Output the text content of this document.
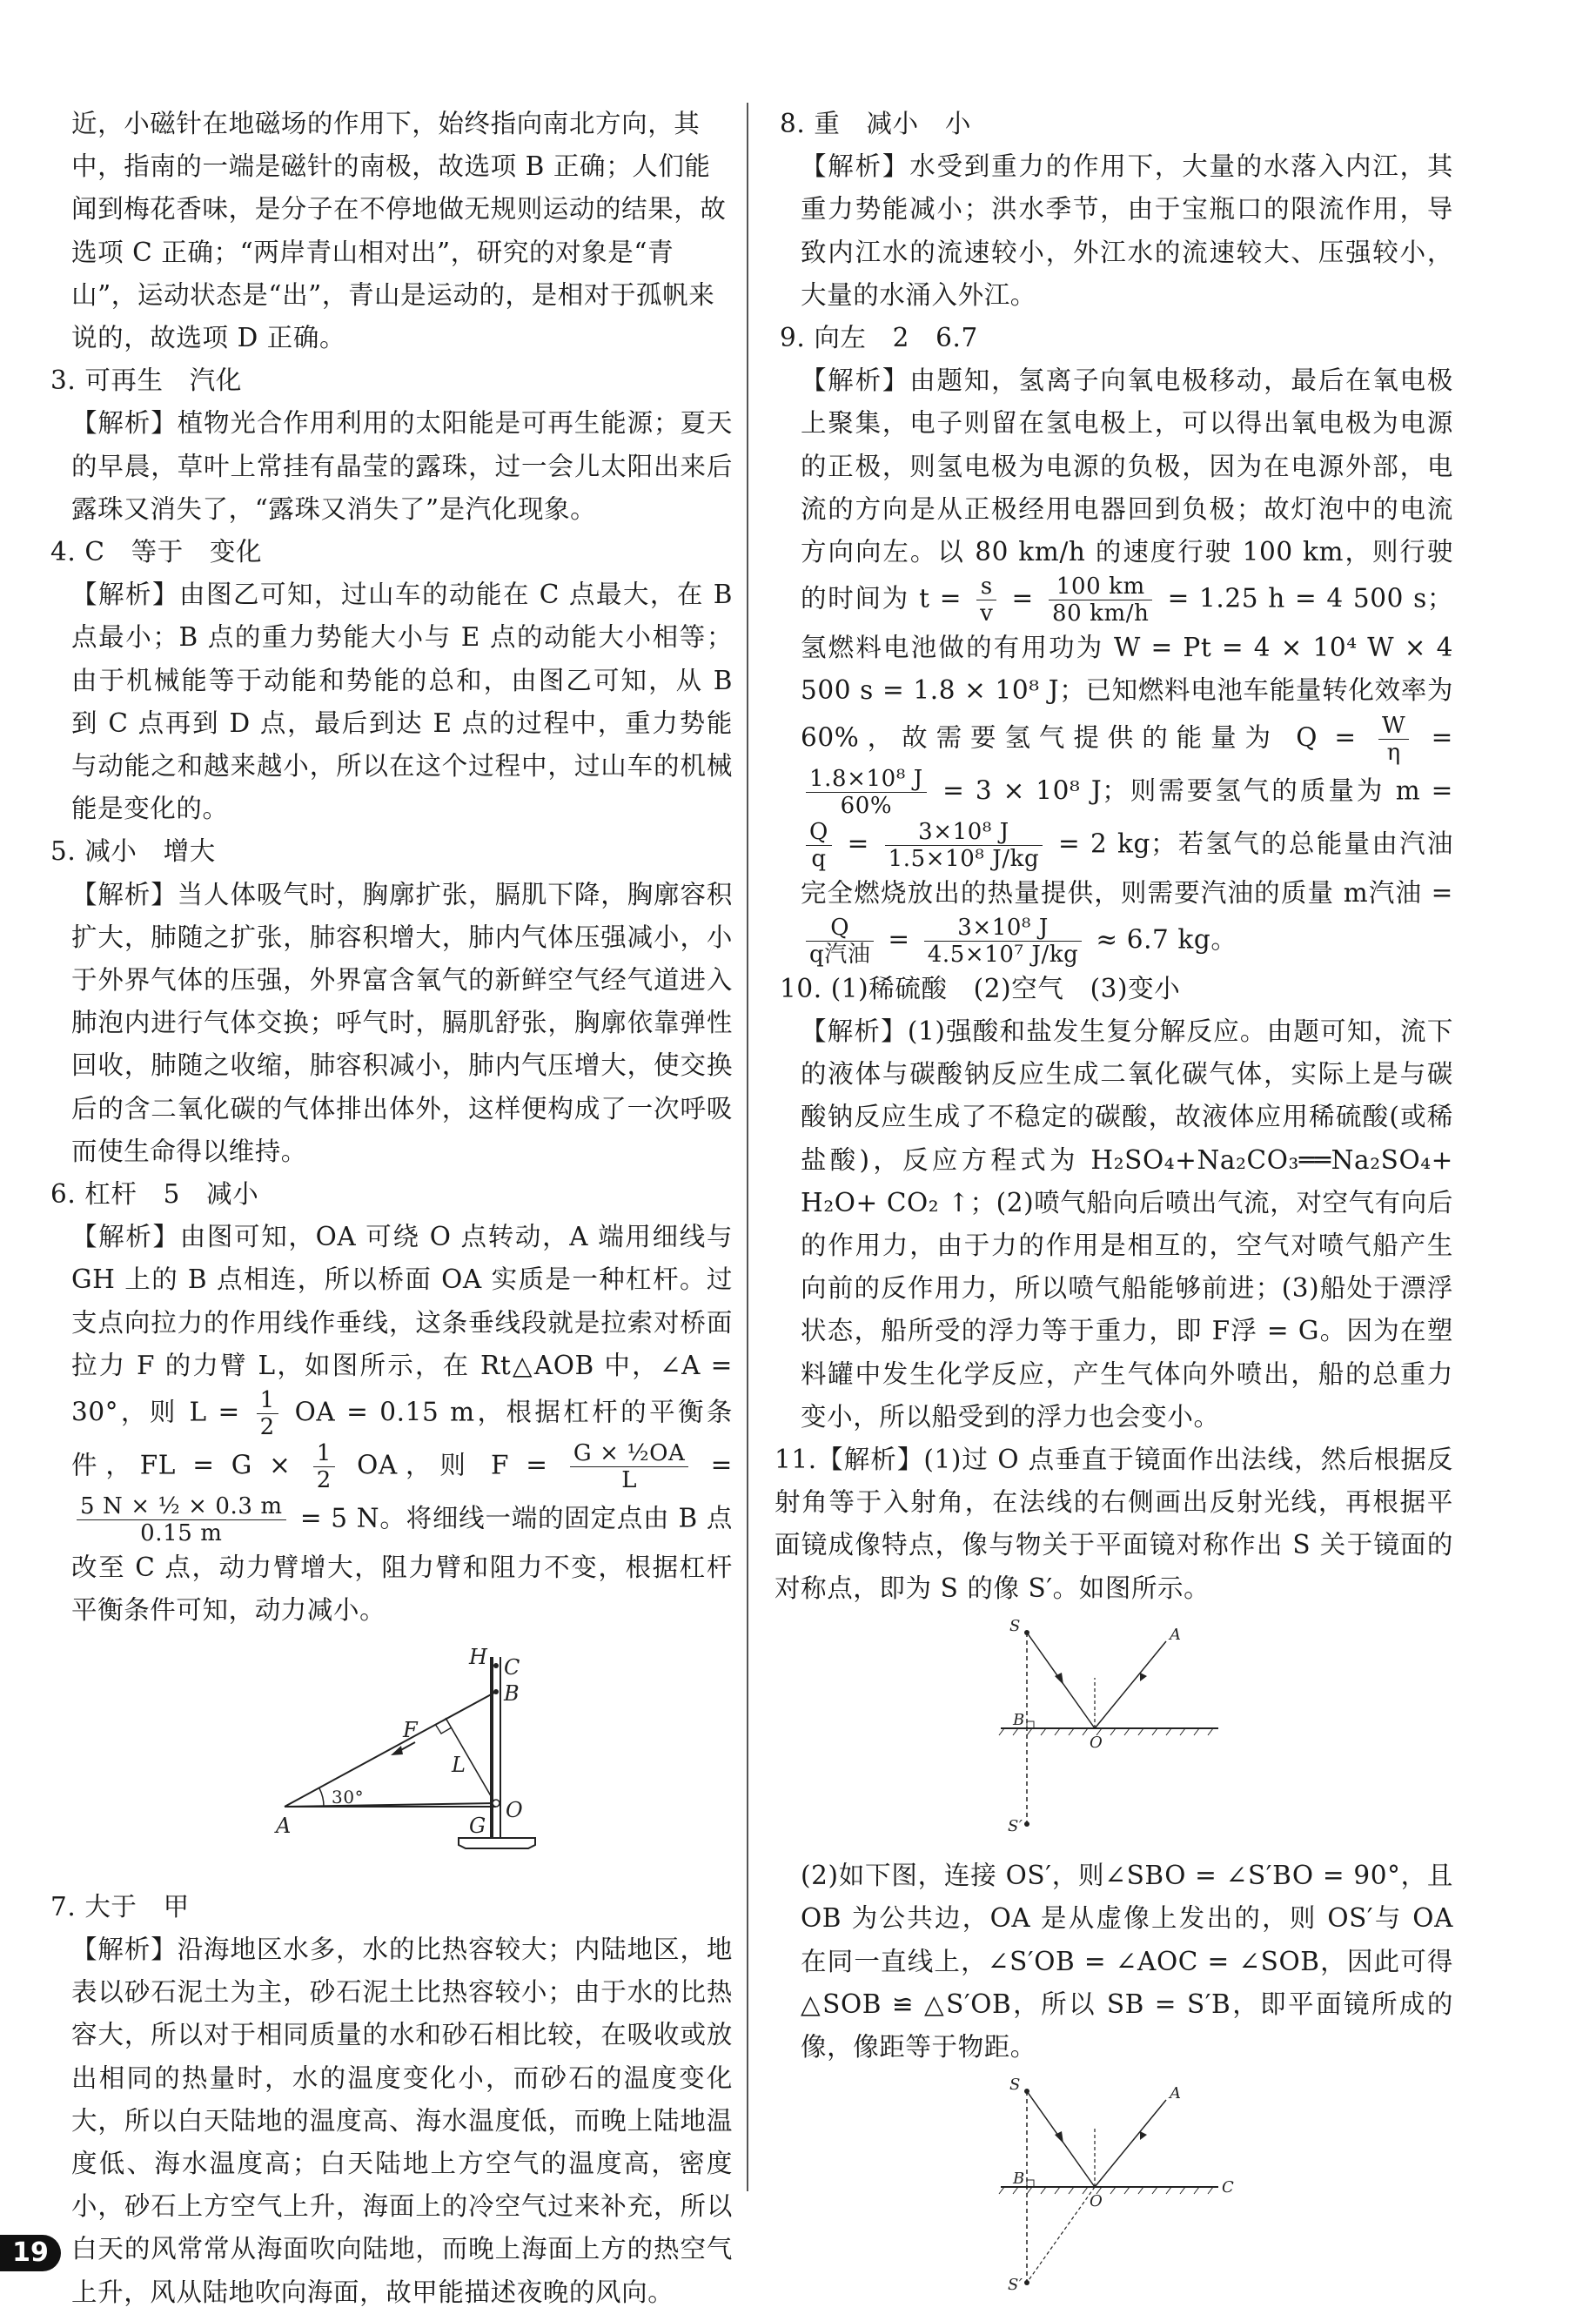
近，小磁针在地磁场的作用下，始终指向南北方向，其中，指南的一端是磁针的南极，故选项 B 正确；人们能闻到梅花香味，是分子在不停地做无规则运动的结果，故选项 C 正确；“两岸青山相对出”，研究的对象是“青山”，运动状态是“出”，青山是运动的，是相对于孤帆来说的，故选项 D 正确。

3. 可再生　汽化

【解析】植物光合作用利用的太阳能是可再生能源；夏天的早晨，草叶上常挂有晶莹的露珠，过一会儿太阳出来后露珠又消失了，“露珠又消失了”是汽化现象。

4. C　等于　变化

【解析】由图乙可知，过山车的动能在 C 点最大，在 B 点最小；B 点的重力势能大小与 E 点的动能大小相等；由于机械能等于动能和势能的总和，由图乙可知，从 B 到 C 点再到 D 点，最后到达 E 点的过程中，重力势能与动能之和越来越小，所以在这个过程中，过山车的机械能是变化的。

5. 减小　增大

【解析】当人体吸气时，胸廓扩张，膈肌下降，胸廓容积扩大，肺随之扩张，肺容积增大，肺内气体压强减小，小于外界气体的压强，外界富含氧气的新鲜空气经气道进入肺泡内进行气体交换；呼气时，膈肌舒张，胸廓依靠弹性回收，肺随之收缩，肺容积减小，肺内气压增大，使交换后的含二氧化碳的气体排出体外，这样便构成了一次呼吸而使生命得以维持。

6. 杠杆　5　减小

【解析】由图可知，OA 可绕 O 点转动，A 端用细线与 GH 上的 B 点相连，所以桥面 OA 实质是一种杠杆。过支点向拉力的作用线作垂线，这条垂线段就是拉索对桥面拉力 F 的力臂 L，如图所示，在 Rt△AOB 中，∠A = 30°，则 $L = \frac{1}{2}$ OA = 0.15 m，根据杠杆的平衡条件，FL = $G \times \frac{1}{2}$ OA，则 $F = \frac{\text{G × ½OA}}{L}$ =
$\frac{\text{5 N × ½ × 0.3 m}}{0.15 m} = 5$ N。将细线一端的固定点由 B 点改至 C 点，动力臂增大，阻力臂和阻力不变，根据杠杆平衡条件可知，动力减小。
H C
B
F
L
O
A	G
30°

7. 大于　甲

【解析】沿海地区水多，水的比热容较大；内陆地区，地表以砂石泥土为主，砂石泥土比热容较小；由于水的比热容大，所以对于相同质量的水和砂石相比较，在吸收或放出相同的热量时，水的温度变化小，而砂石的温度变化大，所以白天陆地的温度高、海水温度低，而晚上陆地温度低、海水温度高；白天陆地上方空气的温度高，密度小，砂石上方空气上升，海面上的冷空气过来补充，所以白天的风常常从海面吹向陆地，而晚上海面上方的热空气上升，风从陆地吹向海面，故甲能描述夜晚的风向。

8. 重　减小　小

【解析】水受到重力的作用下，大量的水落入内江，其重力势能减小；洪水季节，由于宝瓶口的限流作用，导致内江水的流速较小，外江水的流速较大、压强较小，大量的水涌入外江。

9. 向左　2　6.7

【解析】由题知，氢离子向氧电极移动，最后在氧电极上聚集，电子则留在氢电极上，可以得出氧电极为电源的正极，则氢电极为电源的负极，因为在电源外部，电流的方向是从正极经用电器回到负极；故灯泡中的电流方向向左。以 80 km/h 的速度行驶 100 km，则行驶的时间为 $t = \frac{s}{v} = \frac{100 km}{80 km/h} = 1.25$ h = 4 500 s；氢燃料电池做的有用功为 W = Pt = 4 × 10⁴ W × 4 500 s = 1.8 × 10⁸ J；已知燃料电池车能量转化效率为 60%，故需要氢气提供的能量为 $Q = \frac{W}{\eta}$ =
$\frac{\text{1.8×10⁸ J}}{60\%} = 3 \times 10^8$ J；则需要氢气的质量为 m =
$\frac{Q}{q} = \frac{\text{3×10⁸ J}}{\text{1.5×10⁸ J/kg}} = 2$ kg；若氢气的总能量由汽油完全燃烧放出的热量提供，则需要汽油的质量 m汽油 =
$\frac{Q}{\text{q汽油}} = \frac{\text{3×10⁸ J}}{\text{4.5×10⁷ J/kg}} \approx 6.7$ kg。

10. (1)稀硫酸　(2)空气　(3)变小

【解析】(1)强酸和盐发生复分解反应。由题可知，流下的液体与碳酸钠反应生成二氧化碳气体，实际上是与碳酸钠反应生成了不稳定的碳酸，故液体应用稀硫酸(或稀盐酸)，反应方程式为 H₂SO₄+Na₂CO₃══Na₂SO₄+ H₂O+ CO₂ ↑；(2)喷气船向后喷出气流，对空气有向后的作用力，由于力的作用是相互的，空气对喷气船产生向前的反作用力，所以喷气船能够前进；(3)船处于漂浮状态，船所受的浮力等于重力，即 F浮 = G。因为在塑料罐中发生化学反应，产生气体向外喷出，船的总重力变小，所以船受到的浮力也会变小。

11.【解析】(1)过 O 点垂直于镜面作出法线，然后根据反射角等于入射角，在法线的右侧画出反射光线，再根据平面镜成像特点，像与物关于平面镜对称作出 S 关于镜面的对称点，即为 S 的像 S′。如图所示。

S	A
B
O
S′

(2)如下图，连接 OS′，则∠SBO = ∠S′BO = 90°，且 OB 为公共边，OA 是从虚像上发出的，则 OS′与 OA 在同一直线上，∠S′OB = ∠AOC = ∠SOB，因此可得△SOB ≌ △S′OB，所以 SB = S′B，即平面镜所成的像，像距等于物距。

S	A
B
O
C
S′
19
